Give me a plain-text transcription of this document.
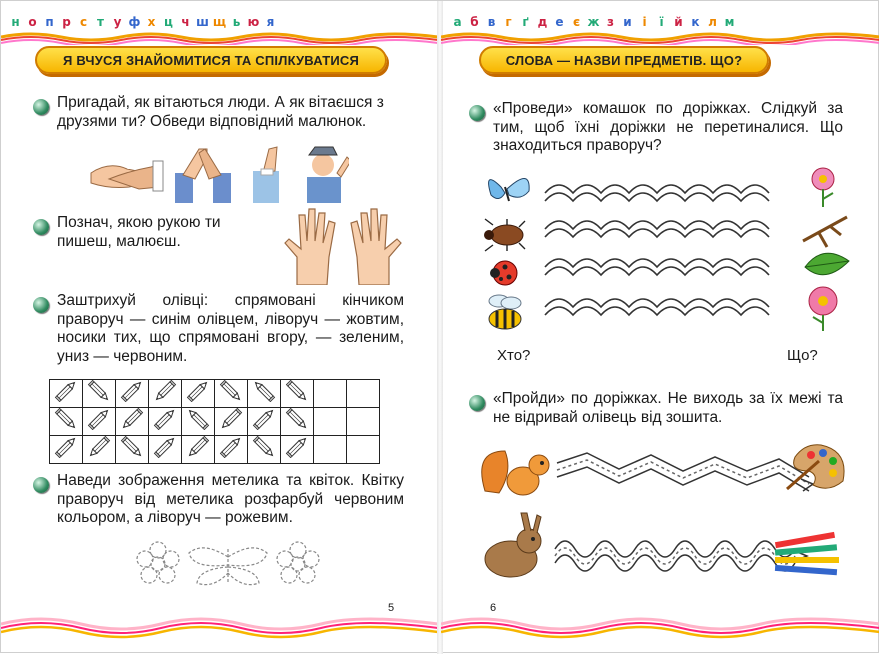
н о п р с т у ф х ц ч ш щ ь ю я
Я ВЧУСЯ ЗНАЙОМИТИСЯ ТА СПІЛКУВАТИСЯ
Пригадай, як вітаються люди. А як вітаєшся з друзями ти? Обведи відповідний малюнок.
Познач, якою рукою ти пишеш, малюєш.
Заштрихуй олівці: спрямовані кінчиком праворуч — синім олівцем, ліворуч — жовтим, носики тих, що спрямовані вгору, — зеленим, униз — червоним.

Наведи зображення метелика та квіток. Квітку праворуч від метелика розфарбуй червоним кольором, а ліворуч — рожевим.
5
а б в г ґ д е є ж з и і	ї й к л м
СЛОВА — НАЗВИ ПРЕДМЕТІВ. ЩО?
«Проведи» комашок по доріжках. Слідкуй за тим, щоб їхні доріжки не перетиналися. Що знаходиться праворуч?
Хто?	Що?
«Пройди» по доріжках. Не виходь за їх межі та не відривай олівець від зошита.
6
